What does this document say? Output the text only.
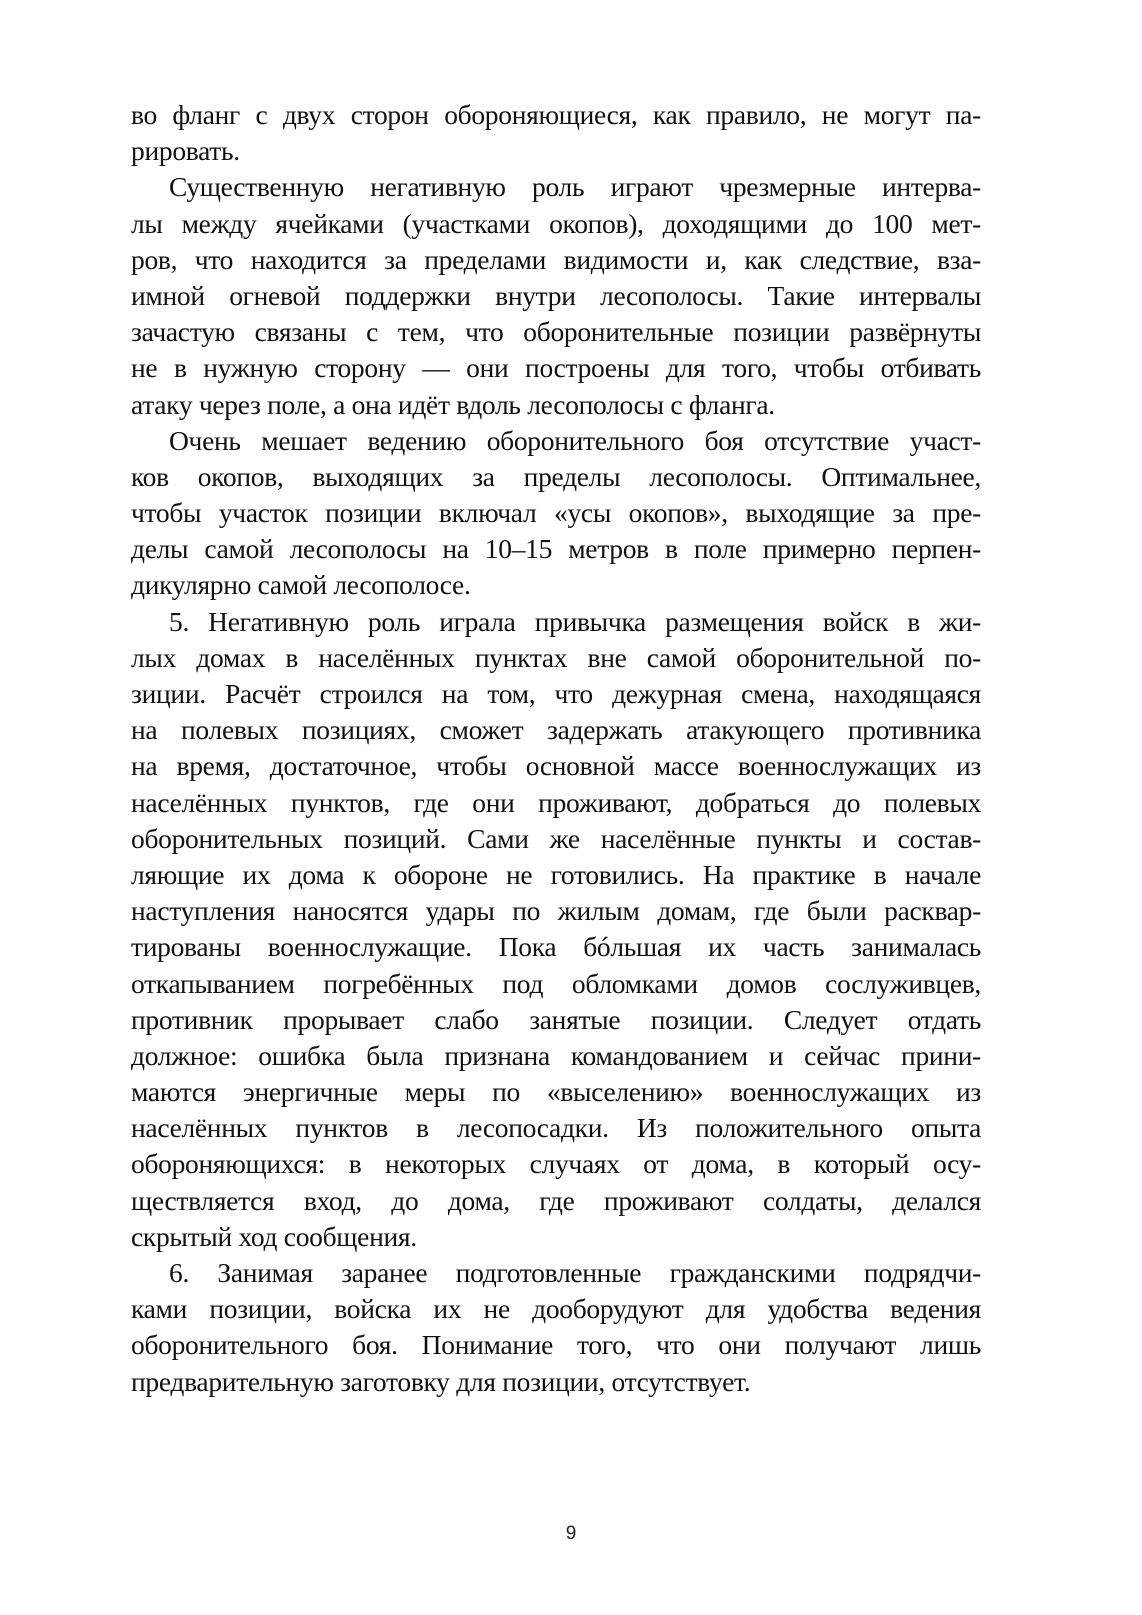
во фланг с двух сторон обороняющиеся, как правило, не могут па-
рировать.
Существенную негативную роль играют чрезмерные интерва-
лы между ячейками (участками окопов), доходящими до 100 мет-
ров, что находится за пределами видимости и, как следствие, вза-
имной огневой поддержки внутри лесополосы. Такие интервалы
зачастую связаны с тем, что оборонительные позиции развёрнуты
не в нужную сторону — они построены для того, чтобы отбивать
атаку через поле, а она идёт вдоль лесополосы с фланга.
Очень мешает ведению оборонительного боя отсутствие участ-
ков окопов, выходящих за пределы лесополосы. Оптимальнее,
чтобы участок позиции включал «усы окопов», выходящие за пре-
делы самой лесополосы на 10–15 метров в поле примерно перпен-
дикулярно самой лесополосе.
5. Негативную роль играла привычка размещения войск в жи-
лых домах в населённых пунктах вне самой оборонительной по-
зиции. Расчёт строился на том, что дежурная смена, находящаяся
на полевых позициях, сможет задержать атакующего противника
на время, достаточное, чтобы основной массе военнослужащих из
населённых пунктов, где они проживают, добраться до полевых
оборонительных позиций. Сами же населённые пункты и состав-
ляющие их дома к обороне не готовились. На практике в начале
наступления наносятся удары по жилым домам, где были расквар-
тированы военнослужащие. Пока бóльшая их часть занималась
откапыванием погребённых под обломками домов сослуживцев,
противник прорывает слабо занятые позиции. Следует отдать
должное: ошибка была признана командованием и сейчас прини-
маются энергичные меры по «выселению» военнослужащих из
населённых пунктов в лесопосадки. Из положительного опыта
обороняющихся: в некоторых случаях от дома, в который осу-
ществляется вход, до дома, где проживают солдаты, делался
скрытый ход сообщения.
6. Занимая заранее подготовленные гражданскими подрядчи-
ками позиции, войска их не дооборудуют для удобства ведения
оборонительного боя. Понимание того, что они получают лишь
предварительную заготовку для позиции, отсутствует.
9
